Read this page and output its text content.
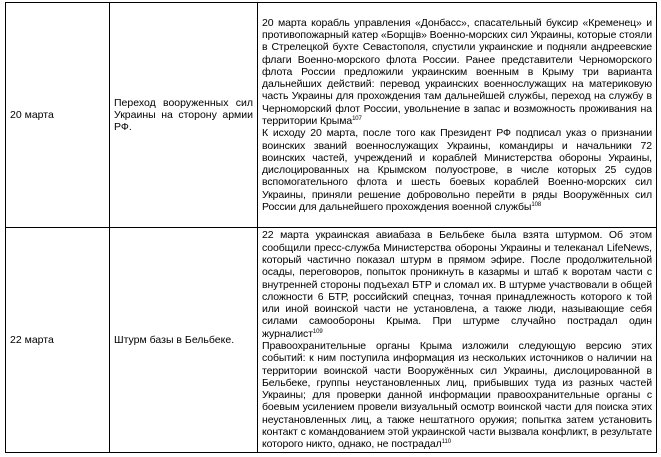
20 марта	Переход вооруженных сил Украины на сторону армии РФ.	20 марта корабль управления «Донбасс», спасательный буксир «Кременец» и противопожарный катер «Борщів» Военно-морских сил Украины, которые стояли в Стрелецкой бухте Севастополя, спустили украинские и подняли андреевские флаги Военно-морского флота России. Ранее представители Черноморского флота России предложили украинским военным в Крыму три варианта дальнейших действий: перевод украинских военнослужащих на материковую часть Украины для прохождения там дальнейшей службы, переход на службу в Черноморский флот России, увольнение в запас и возможность проживания на территории Крыма$^{107}$

К исходу 20 марта, после того как Президент РФ подписал указ о признании воинских званий военнослужащих Украины, командиры и начальники 72 воинских частей, учреждений и кораблей Министерства обороны Украины, дислоцированных на Крымском полуострове, в числе которых 25 судов вспомогательного флота и шесть боевых кораблей Военно-морских сил Украины, приняли решение добровольно перейти в ряды Вооружённых сил России для дальнейшего прохождения военной службы$^{108}$

22 марта	Штурм базы в Бельбеке.	22 марта украинская авиабаза в Бельбеке была взята штурмом. Об этом сообщили пресс-служба Министерства обороны Украины и телеканал LifeNews, который частично показал штурм в прямом эфире. После продолжительной осады, переговоров, попыток проникнуть в казармы и штаб к воротам части с внутренней стороны подъехал БТР и сломал их. В штурме участвовали в общей сложности 6 БТР, российский спецназ, точная принадлежность которого к той или иной воинской части не установлена, а также люди, называющие себя силами самообороны Крыма. При штурме случайно пострадал один журналист$^{109}$

Правоохранительные органы Крыма изложили следующую версию этих событий: к ним поступила информация из нескольких источников о наличии на территории воинской части Вооружённых сил Украины, дислоцированной в Бельбеке, группы неустановленных лиц, прибывших туда из разных частей Украины; для проверки данной информации правоохранительные органы с боевым усилением провели визуальный осмотр воинской части для поиска этих неустановленных лиц, а также нештатного оружия; попытка затем установить контакт с командованием этой украинской части вызвала конфликт, в результате которого никто, однако, не пострадал$^{110}$
